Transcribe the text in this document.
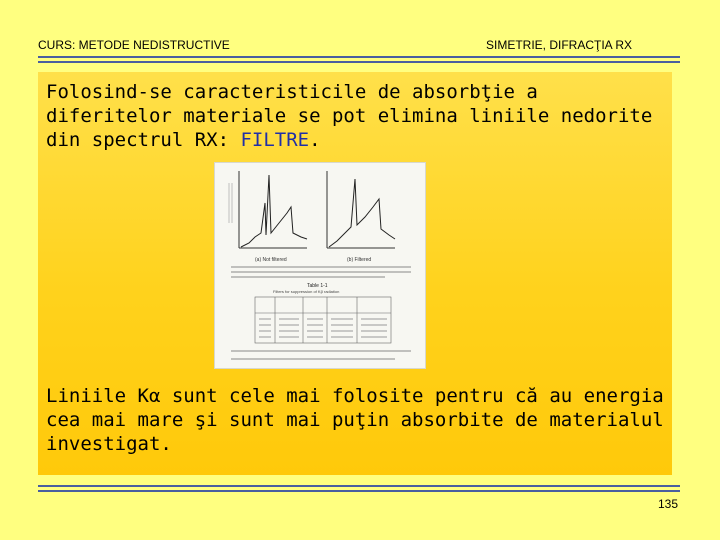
CURS: METODE NEDISTRUCTIVE	SIMETRIE, DIFRACŢIA RX

Folosind-se caracteristicile de absorbţie a diferitelor materiale se pot elimina liniile nedorite din spectrul RX: FILTRE.

(a) Not filtered	(b) Filtered
Table 1-1
Filters for suppression of Kβ radiation

Liniile Kα sunt cele mai folosite pentru că au energia cea mai mare şi sunt mai puţin absorbite de materialul investigat.

135
